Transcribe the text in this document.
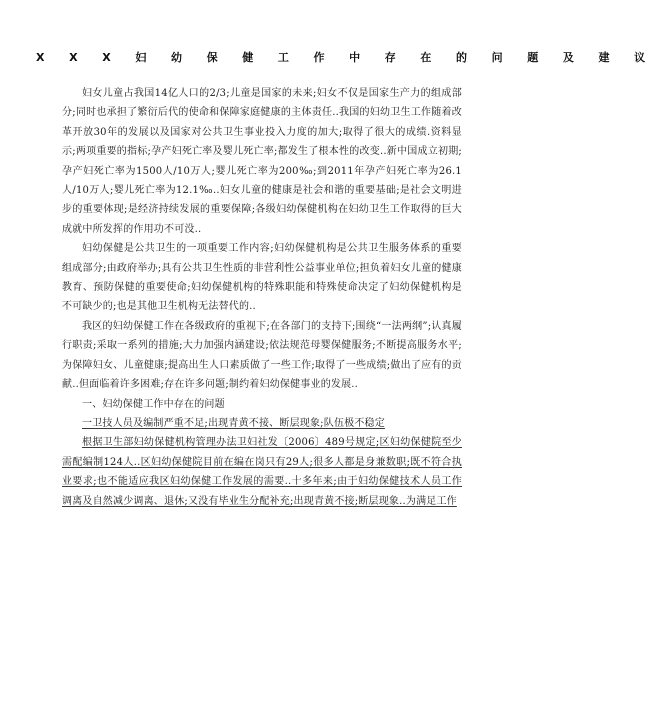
X X X 妇 幼 保 健 工 作 中 存 在 的 问 题 及 建 议

妇女儿童占我国14亿人口的2/3;儿童是国家的未来;妇女不仅是国家生产力的组成部分;同时也承担了繁衍后代的使命和保障家庭健康的主体责任..我国的妇幼卫生工作随着改革开放30年的发展以及国家对公共卫生事业投入力度的加大;取得了很大的成绩.资料显示;两项重要的指标;孕产妇死亡率及婴儿死亡率;都发生了根本性的改变..新中国成立初期;孕产妇死亡率为1500人/10万人;婴儿死亡率为200‰;到2011年孕产妇死亡率为26.1人/10万人;婴儿死亡率为12.1‰..妇女儿童的健康是社会和谐的重要基础;是社会文明进步的重要体现;是经济持续发展的重要保障;各级妇幼保健机构在妇幼卫生工作取得的巨大成就中所发挥的作用功不可没..

妇幼保健是公共卫生的一项重要工作内容;妇幼保健机构是公共卫生服务体系的重要组成部分;由政府举办;具有公共卫生性质的非营利性公益事业单位;担负着妇女儿童的健康教育、预防保健的重要使命;妇幼保健机构的特殊职能和特殊使命决定了妇幼保健机构是不可缺少的;也是其他卫生机构无法替代的..

我区的妇幼保健工作在各级政府的重视下;在各部门的支持下;围绕“一法两纲”;认真履行职责;采取一系列的措施;大力加强内涵建设;依法规范母婴保健服务;不断提高服务水平;为保障妇女、儿童健康;提高出生人口素质做了一些工作;取得了一些成绩;做出了应有的贡献..但面临着许多困难;存在许多问题;制约着妇幼保健事业的发展..

一、妇幼保健工作中存在的问题

一卫技人员及编制严重不足;出现青黄不接、断层现象;队伍极不稳定

根据卫生部妇幼保健机构管理办法卫妇社发〔2006〕489号规定;区妇幼保健院至少需配编制124人..区妇幼保健院目前在编在岗只有29人;很多人都是身兼数职;既不符合执业要求;也不能适应我区妇幼保健工作发展的需要..十多年来;由于妇幼保健技术人员工作调离及自然减少调离、退休;又没有毕业生分配补充;出现青黄不接;断层现象..为满足工作
